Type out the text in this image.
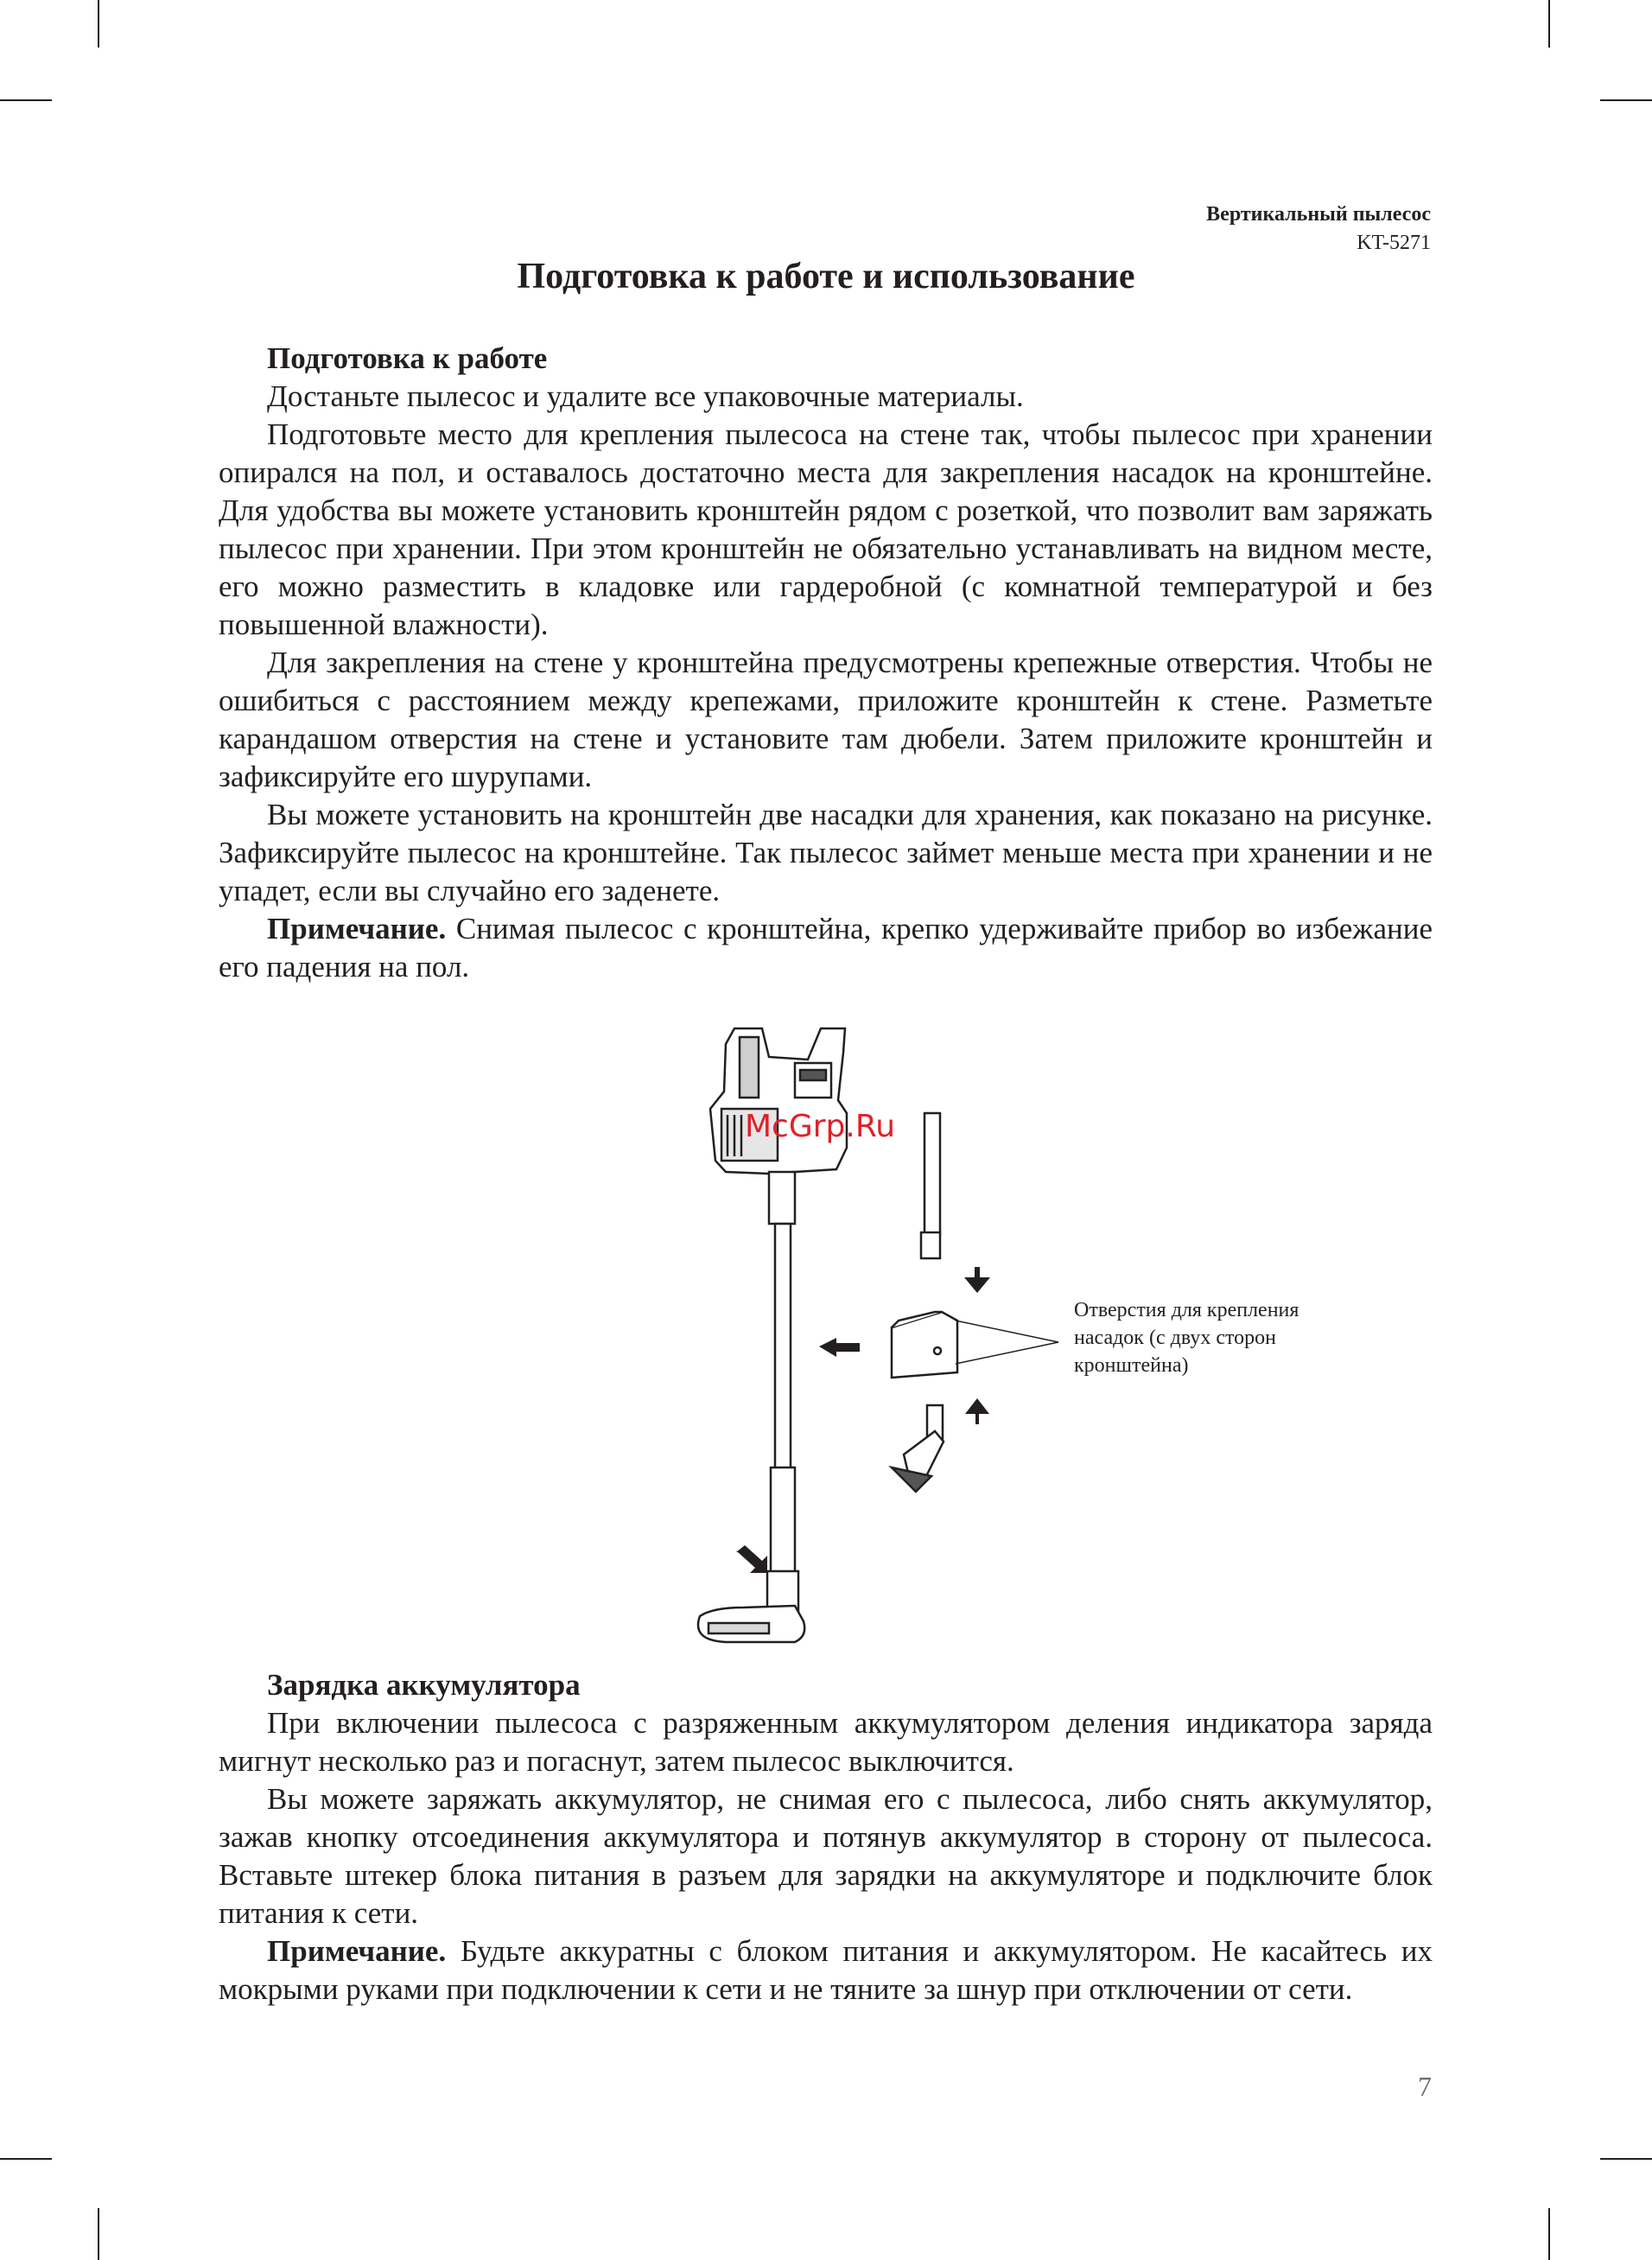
Вертикальный пылесос
KT-5271
Подготовка к работе и использование
Подготовка к работе

Достаньте пылесос и удалите все упаковочные материалы.

Подготовьте место для крепления пылесоса на стене так, чтобы пылесос при хранении опирался на пол, и оставалось достаточно места для закрепления насадок на кронштейне. Для удобства вы можете установить кронштейн рядом с розеткой, что позволит вам заряжать пылесос при хранении. При этом кронштейн не обязательно устанавливать на видном месте, его можно разместить в кладовке или гардеробной (с комнатной температурой и без повышенной влажности).

Для закрепления на стене у кронштейна предусмотрены крепежные отверстия. Чтобы не ошибиться с расстоянием между крепежами, приложите кронштейн к стене. Разметьте карандашом отверстия на стене и установите там дюбели. Затем приложите кронштейн и зафиксируйте его шурупами.

Вы можете установить на кронштейн две насадки для хранения, как показано на рисунке. Зафиксируйте пылесос на кронштейне. Так пылесос займет меньше места при хранении и не упадет, если вы случайно его заденете.

Примечание. Снимая пылесос с кронштейна, крепко удерживайте прибор во избежание его падения на пол.

McGrp.Ru
Отверстия для крепления насадок (с двух сторон кронштейна)
Зарядка аккумулятора

При включении пылесоса с разряженным аккумулятором деления индикатора заряда мигнут несколько раз и погаснут, затем пылесос выключится.

Вы можете заряжать аккумулятор, не снимая его с пылесоса, либо снять аккумулятор, зажав кнопку отсоединения аккумулятора и потянув аккумулятор в сторону от пылесоса. Вставьте штекер блока питания в разъем для зарядки на аккумуляторе и подключите блок питания к сети.

Примечание. Будьте аккуратны с блоком питания и аккумулятором. Не касайтесь их мокрыми руками при подключении к сети и не тяните за шнур при отключении от сети.

7
